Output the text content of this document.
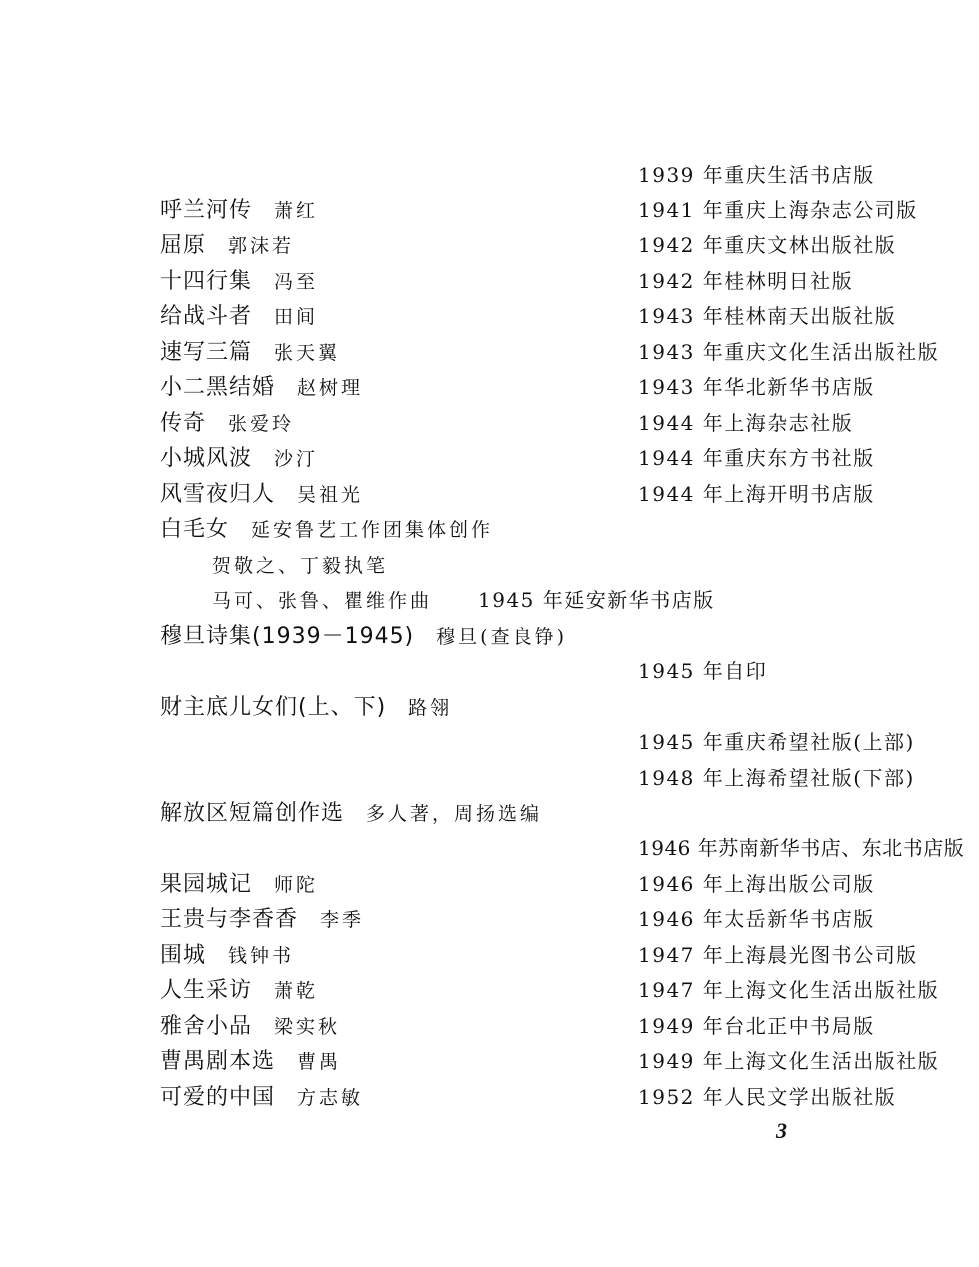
1939 年重庆生活书店版
呼兰河传 萧红	1941 年重庆上海杂志公司版
屈原 郭沫若	1942 年重庆文林出版社版
十四行集 冯至	1942 年桂林明日社版
给战斗者 田间	1943 年桂林南天出版社版
速写三篇 张天翼	1943 年重庆文化生活出版社版
小二黑结婚 赵树理	1943 年华北新华书店版
传奇 张爱玲	1944 年上海杂志社版
小城风波 沙汀	1944 年重庆东方书社版
风雪夜归人 吴祖光	1944 年上海开明书店版
白毛女 延安鲁艺工作团集体创作
贺敬之、丁毅执笔
马可、张鲁、瞿维作曲 1945 年延安新华书店版
穆旦诗集(1939－1945) 穆旦(查良铮)
1945 年自印
财主底儿女们(上、下) 路翎
1945 年重庆希望社版(上部)
1948 年上海希望社版(下部)
解放区短篇创作选 多人著，周扬选编
1946 年苏南新华书店、东北书店版
果园城记 师陀	1946 年上海出版公司版
王贵与李香香 李季	1946 年太岳新华书店版
围城 钱钟书	1947 年上海晨光图书公司版
人生采访 萧乾	1947 年上海文化生活出版社版
雅舍小品 梁实秋	1949 年台北正中书局版
曹禺剧本选 曹禺	1949 年上海文化生活出版社版
可爱的中国 方志敏	1952 年人民文学出版社版
3
